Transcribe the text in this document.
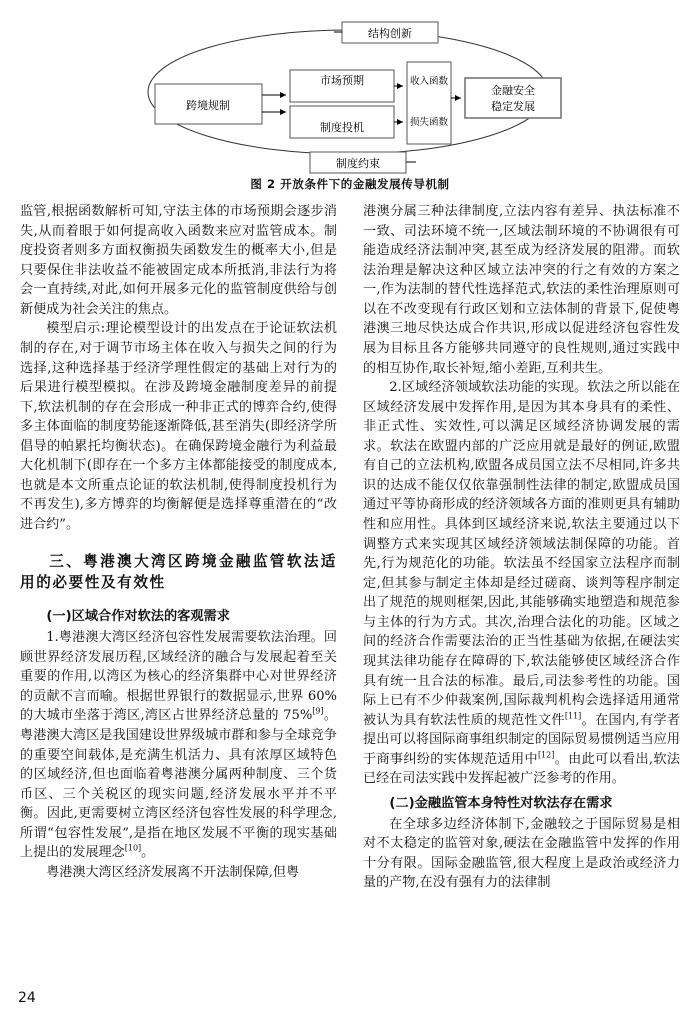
结构创新
制度约束
跨境规制
市场预期
制度投机
收入函数
损失函数
金融安全
稳定发展
图 2 开放条件下的金融发展传导机制

监管,根据函数解析可知,守法主体的市场预期会逐步消失,从而着眼于如何提高收入函数来应对监管成本。制度投资者则多方面权衡损失函数发生的概率大小,但是只要保住非法收益不能被固定成本所抵消,非法行为将会一直持续,对此,如何开展多元化的监管制度供给与创新便成为社会关注的焦点。

模型启示:理论模型设计的出发点在于论证软法机制的存在,对于调节市场主体在收入与损失之间的行为选择,这种选择基于经济学理性假定的基础上对行为的后果进行模型模拟。在涉及跨境金融制度差异的前提下,软法机制的存在会形成一种非正式的博弈合约,使得多主体面临的制度势能逐渐降低,甚至消失(即经济学所倡导的帕累托均衡状态)。在确保跨境金融行为利益最大化机制下(即存在一个多方主体都能接受的制度成本,也就是本文所重点论证的软法机制,使得制度投机行为不再发生),多方博弈的均衡解便是选择尊重潜在的“改进合约”。

三、粤港澳大湾区跨境金融监管软法适用的必要性及有效性
(一)区域合作对软法的客观需求

1.粤港澳大湾区经济包容性发展需要软法治理。回顾世界经济发展历程,区域经济的融合与发展起着至关重要的作用,以湾区为核心的经济集群中心对世界经济的贡献不言而喻。根据世界银行的数据显示,世界 60%的大城市坐落于湾区,湾区占世界经济总量的 75%[9]。粤港澳大湾区是我国建设世界级城市群和参与全球竞争的重要空间载体,是充满生机活力、具有浓厚区域特色的区域经济,但也面临着粤港澳分属两种制度、三个货币区、三个关税区的现实问题,经济发展水平并不平衡。因此,更需要树立湾区经济包容性发展的科学理念,所谓“包容性发展”,是指在地区发展不平衡的现实基础上提出的发展理念[10]。

粤港澳大湾区经济发展离不开法制保障,但粤

港澳分属三种法律制度,立法内容有差异、执法标准不一致、司法环境不统一,区域法制环境的不协调很有可能造成经济法制冲突,甚至成为经济发展的阻滞。而软法治理是解决这种区域立法冲突的行之有效的方案之一,作为法制的替代性选择范式,软法的柔性治理原则可以在不改变现有行政区划和立法体制的背景下,促使粤港澳三地尽快达成合作共识,形成以促进经济包容性发展为目标且各方能够共同遵守的良性规则,通过实践中的相互协作,取长补短,缩小差距,互利共生。

2.区域经济领域软法功能的实现。软法之所以能在区域经济发展中发挥作用,是因为其本身具有的柔性、非正式性、实效性,可以满足区域经济协调发展的需求。软法在欧盟内部的广泛应用就是最好的例证,欧盟有自己的立法机构,欧盟各成员国立法不尽相同,许多共识的达成不能仅仅依靠强制性法律的制定,欧盟成员国通过平等协商形成的经济领域各方面的准则更具有辅助性和应用性。具体到区域经济来说,软法主要通过以下调整方式来实现其区域经济领域法制保障的功能。首先,行为规范化的功能。软法虽不经国家立法程序而制定,但其参与制定主体却是经过磋商、谈判等程序制定出了规范的规则框架,因此,其能够确实地塑造和规范参与主体的行为方式。其次,治理合法化的功能。区域之间的经济合作需要法治的正当性基础为依据,在硬法实现其法律功能存在障碍的下,软法能够使区域经济合作具有统一且合法的标准。最后,司法参考性的功能。国际上已有不少仲裁案例,国际裁判机构会选择适用通常被认为具有软法性质的规范性文件[11]。在国内,有学者提出可以将国际商事组织制定的国际贸易惯例适当应用于商事纠纷的实体规范适用中[12]。由此可以看出,软法已经在司法实践中发挥起被广泛参考的作用。

(二)金融监管本身特性对软法存在需求

在全球多边经济体制下,金融较之于国际贸易是相对不太稳定的监管对象,硬法在金融监管中发挥的作用十分有限。国际金融监管,很大程度上是政治或经济力量的产物,在没有强有力的法律制

24
